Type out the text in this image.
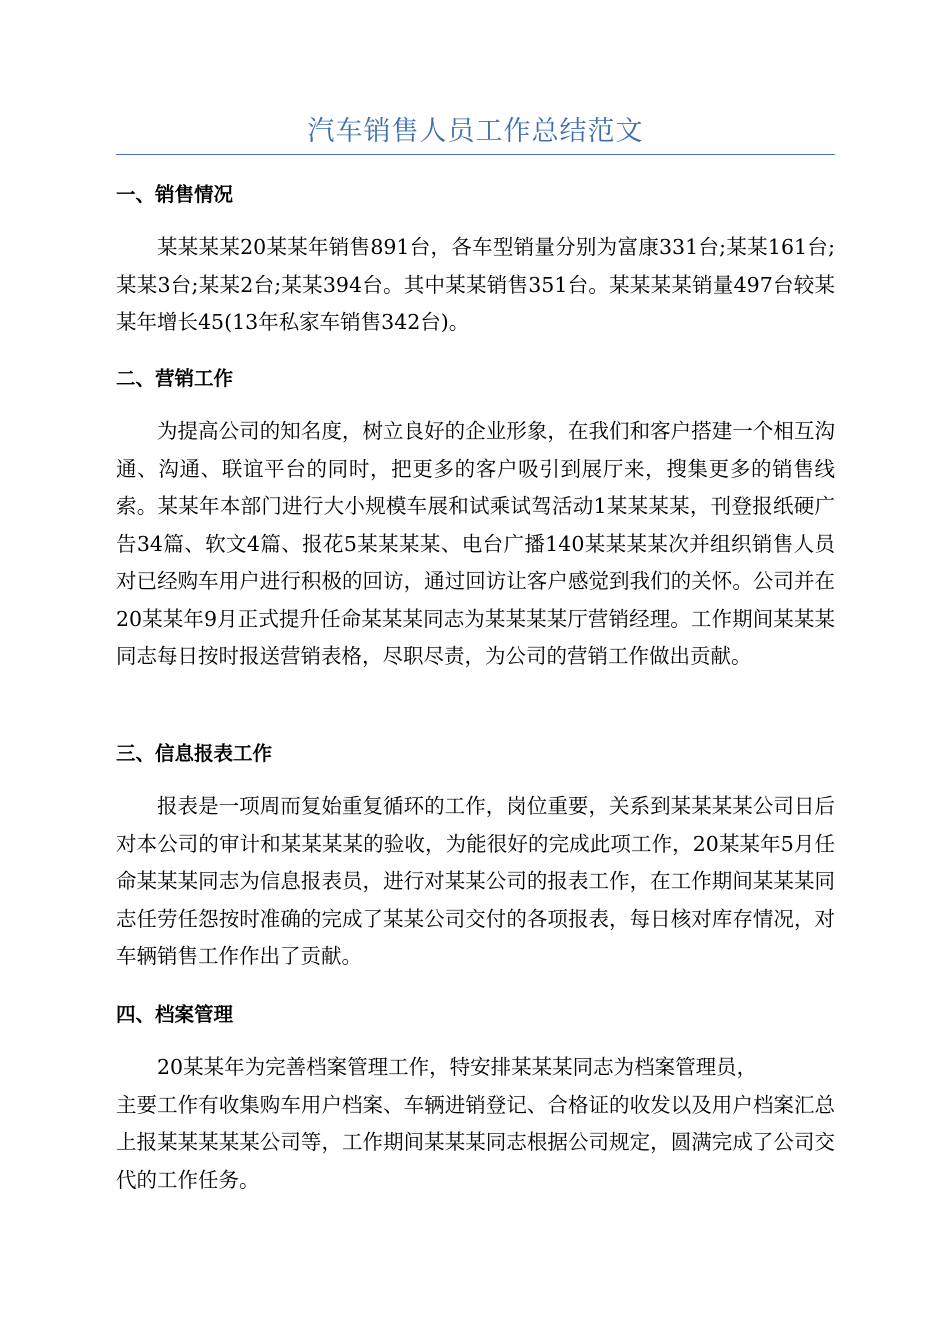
汽车销售人员工作总结范文
一、销售情况

某某某某20某某年销售891台，各车型销量分别为富康331台;某某161台;某某3台;某某2台;某某394台。其中某某销售351台。某某某某销量497台较某某年增长45(13年私家车销售342台)。

二、营销工作

为提高公司的知名度，树立良好的企业形象，在我们和客户搭建一个相互沟通、沟通、联谊平台的同时，把更多的客户吸引到展厅来，搜集更多的销售线索。某某年本部门进行大小规模车展和试乘试驾活动1某某某某，刊登报纸硬广告34篇、软文4篇、报花5某某某某、电台广播140某某某某次并组织销售人员对已经购车用户进行积极的回访，通过回访让客户感觉到我们的关怀。公司并在20某某年9月正式提升任命某某某同志为某某某某厅营销经理。工作期间某某某同志每日按时报送营销表格，尽职尽责，为公司的营销工作做出贡献。

三、信息报表工作

报表是一项周而复始重复循环的工作，岗位重要，关系到某某某某公司日后对本公司的审计和某某某某的验收，为能很好的完成此项工作，20某某年5月任命某某某同志为信息报表员，进行对某某公司的报表工作，在工作期间某某某同志任劳任怨按时准确的完成了某某公司交付的各项报表，每日核对库存情况，对车辆销售工作作出了贡献。

四、档案管理

20某某年为完善档案管理工作，特安排某某某同志为档案管理员，

主要工作有收集购车用户档案、车辆进销登记、合格证的收发以及用户档案汇总上报某某某某某公司等，工作期间某某某同志根据公司规定，圆满完成了公司交代的工作任务。
